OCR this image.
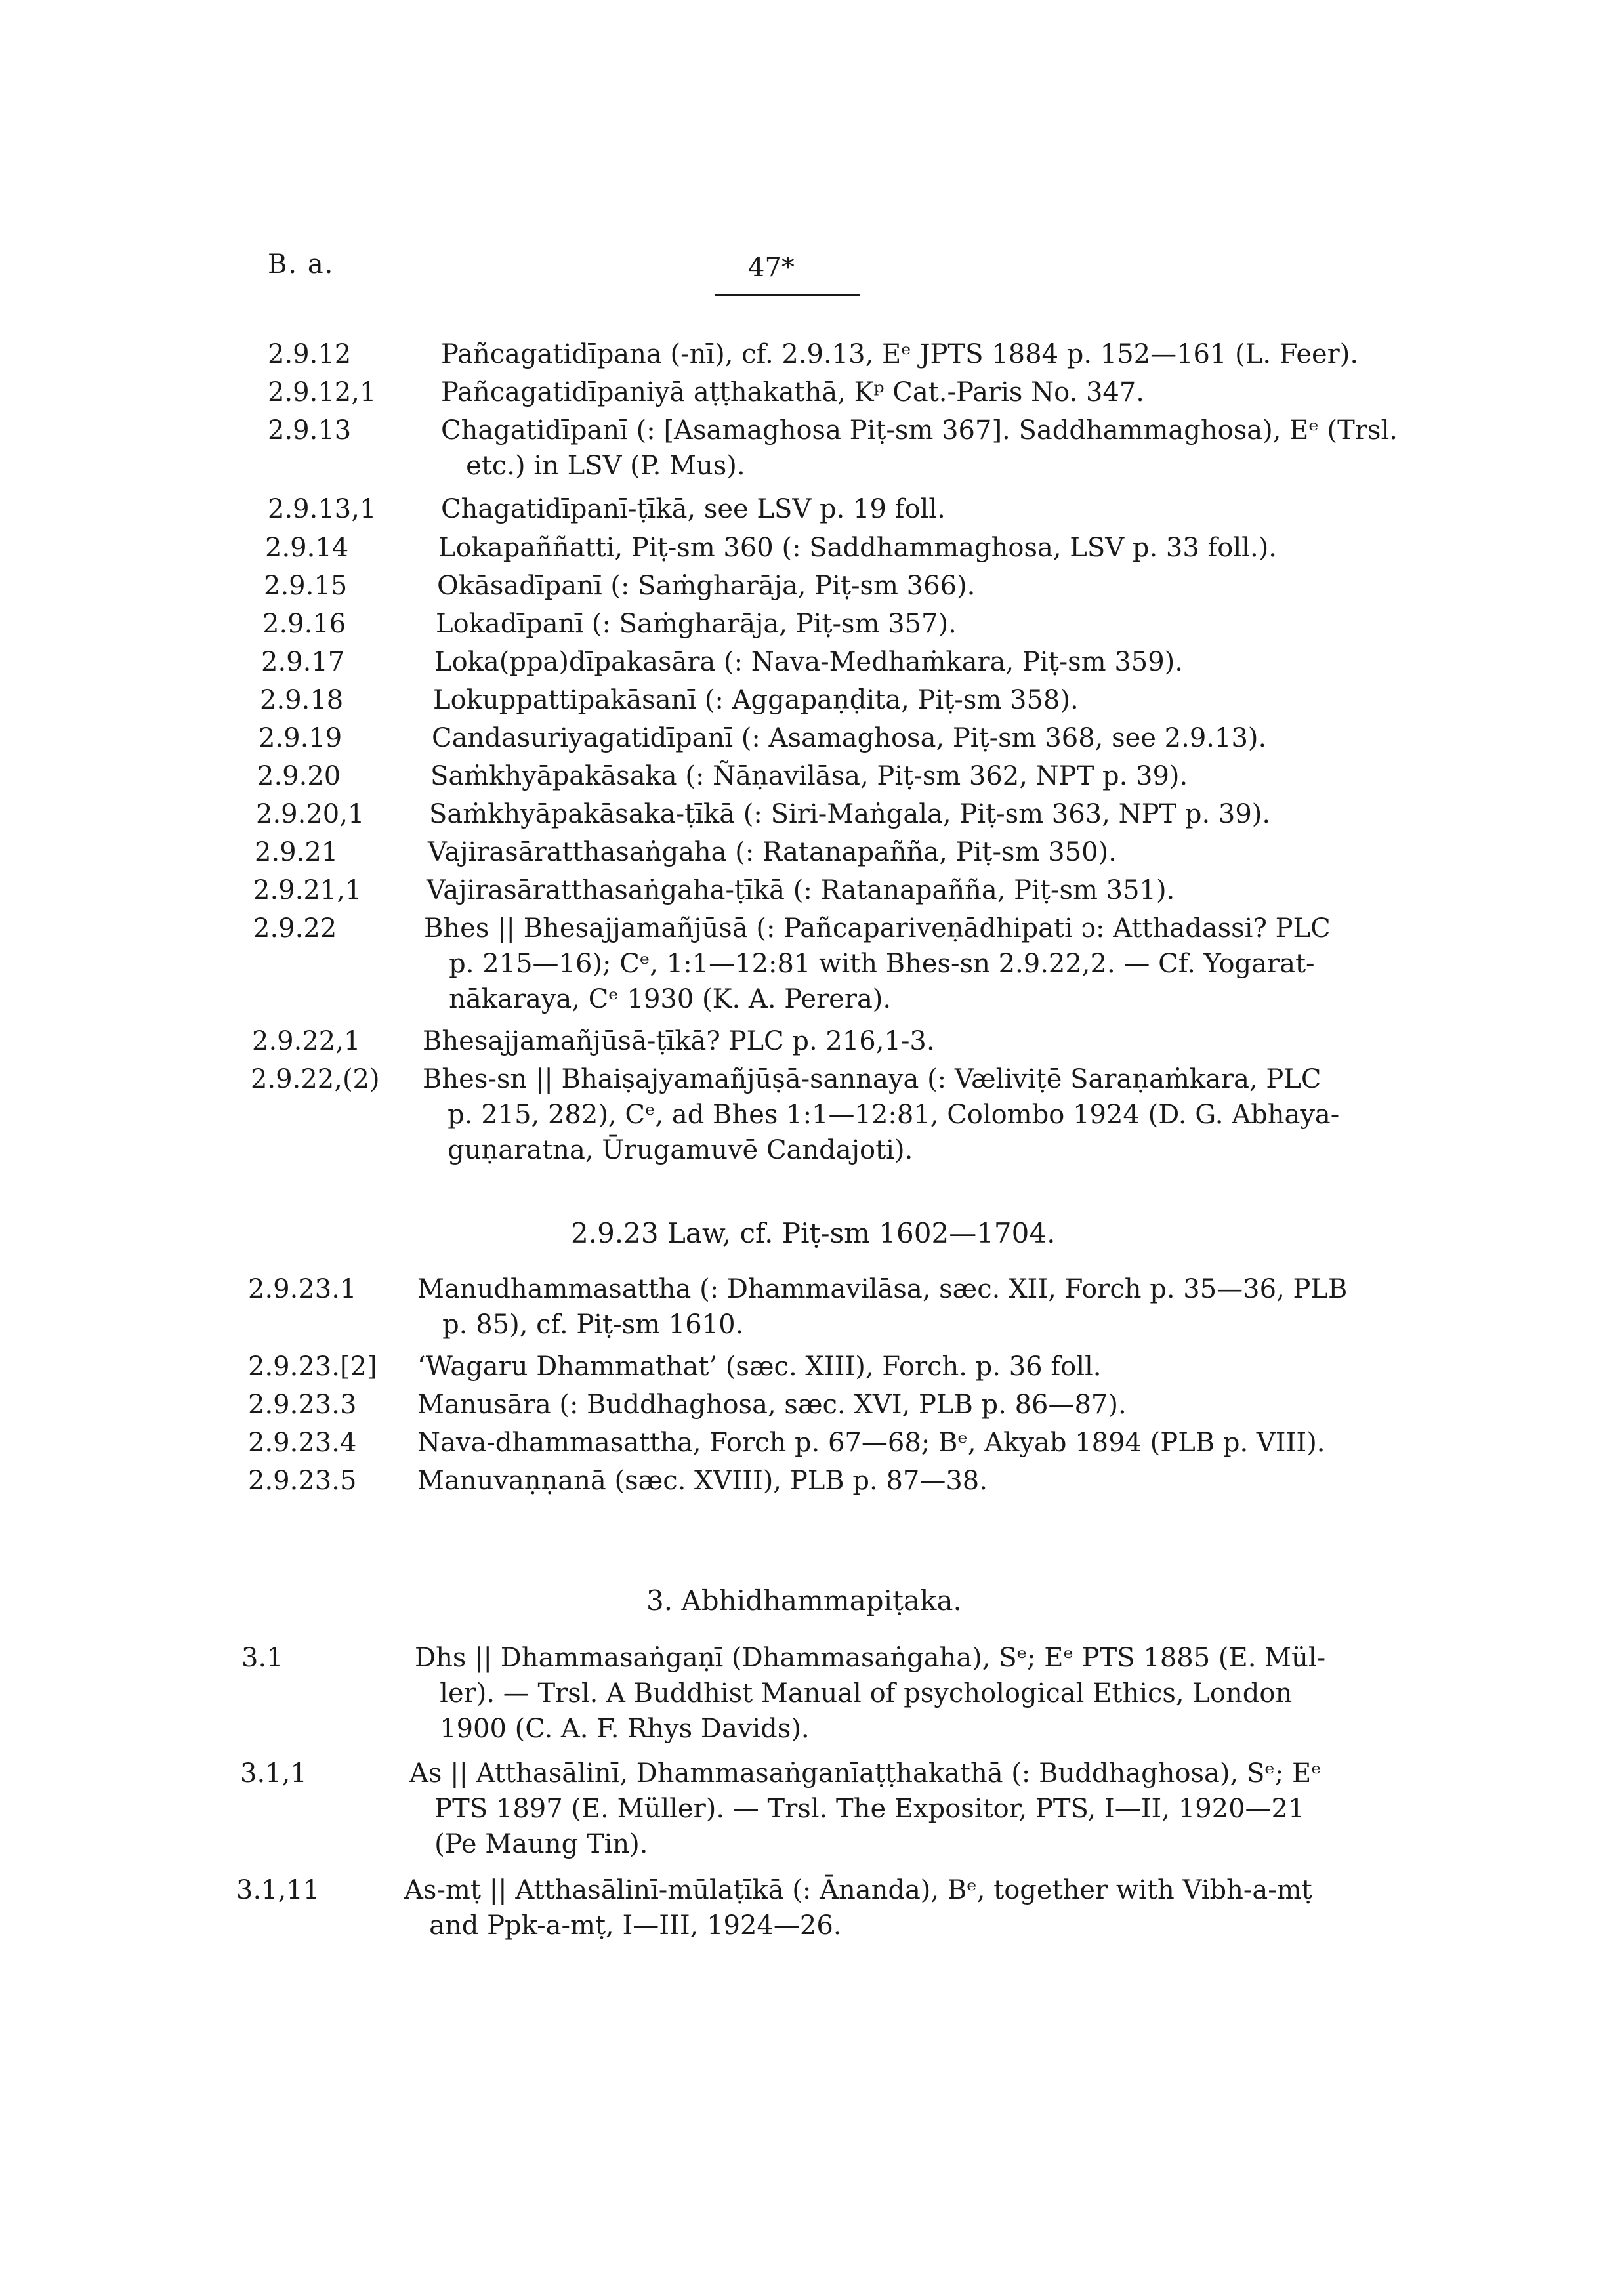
B. a.	47*
2.9.12	Pañcagatidīpana (-nī), cf. 2.9.13, Eᵉ JPTS 1884 p. 152—161 (L. Feer).
2.9.12,1 Pañcagatidīpaniyā aṭṭhakathā, Kᵖ Cat.-Paris No. 347.
2.9.13	Chagatidīpanī (: [Asamaghosa Piṭ-sm 367]. Saddhammaghosa), Eᵉ (Trsl.
etc.) in LSV (P. Mus).
2.9.13,1 Chagatidīpanī-ṭīkā, see LSV p. 19 foll.
2.9.14	Lokapaññatti, Piṭ-sm 360 (: Saddhammaghosa, LSV p. 33 foll.).
2.9.15	Okāsadīpanī (: Saṁgharāja, Piṭ-sm 366).
2.9.16	Lokadīpanī (: Saṁgharāja, Piṭ-sm 357).
2.9.17	Loka(ppa)dīpakasāra (: Nava-Medhaṁkara, Piṭ-sm 359).
2.9.18	Lokuppattipakāsanī (: Aggapaṇḍita, Piṭ-sm 358).
2.9.19	Candasuriyagatidīpanī (: Asamaghosa, Piṭ-sm 368, see 2.9.13).
2.9.20	Saṁkhyāpakāsaka (: Ñāṇavilāsa, Piṭ-sm 362, NPT p. 39).
2.9.20,1 Saṁkhyāpakāsaka-ṭīkā (: Siri-Maṅgala, Piṭ-sm 363, NPT p. 39).
2.9.21	Vajirasāratthasaṅgaha (: Ratanapañña, Piṭ-sm 350).
2.9.21,1 Vajirasāratthasaṅgaha-ṭīkā (: Ratanapañña, Piṭ-sm 351).
2.9.22	Bhes || Bhesajjamañjūsā (: Pañcapariveṇādhipati ɔ: Atthadassi? PLC
p. 215—16); Cᵉ, 1:1—12:81 with Bhes-sn 2.9.22,2. — Cf. Yogarat-
nākaraya, Cᵉ 1930 (K. A. Perera).
2.9.22,1 Bhesajjamañjūsā-ṭīkā? PLC p. 216,1-3.
2.9.22,(2) Bhes-sn || Bhaiṣajyamañjūṣā-sannaya (: Væliviṭē Saraṇaṁkara, PLC
p. 215, 282), Cᵉ, ad Bhes 1:1—12:81, Colombo 1924 (D. G. Abhaya-
guṇaratna, Ūrugamuvē Candajoti).
2.9.23 Law, cf. Piṭ-sm 1602—1704.
2.9.23.1 Manudhammasattha (: Dhammavilāsa, sæc. XII, Forch p. 35—36, PLB
p. 85), cf. Piṭ-sm 1610.
2.9.23.[2] ‘Wagaru Dhammathat’ (sæc. XIII), Forch. p. 36 foll.
2.9.23.3 Manusāra (: Buddhaghosa, sæc. XVI, PLB p. 86—87).
2.9.23.4 Nava-dhammasattha, Forch p. 67—68; Bᵉ, Akyab 1894 (PLB p. VIII).
2.9.23.5 Manuvaṇṇanā (sæc. XVIII), PLB p. 87—38.
3. Abhidhammapiṭaka.
3.1	Dhs || Dhammasaṅgaṇī (Dhammasaṅgaha), Sᵉ; Eᵉ PTS 1885 (E. Mül-
ler). — Trsl. A Buddhist Manual of psychological Ethics, London
1900 (C. A. F. Rhys Davids).
3.1,1	As || Atthasālinī, Dhammasaṅganīaṭṭhakathā (: Buddhaghosa), Sᵉ; Eᵉ
PTS 1897 (E. Müller). — Trsl. The Expositor, PTS, I—II, 1920—21
(Pe Maung Tin).
3.1,11	As-mṭ || Atthasālinī-mūlaṭīkā (: Ānanda), Bᵉ, together with Vibh-a-mṭ
and Ppk-a-mṭ, I—III, 1924—26.
